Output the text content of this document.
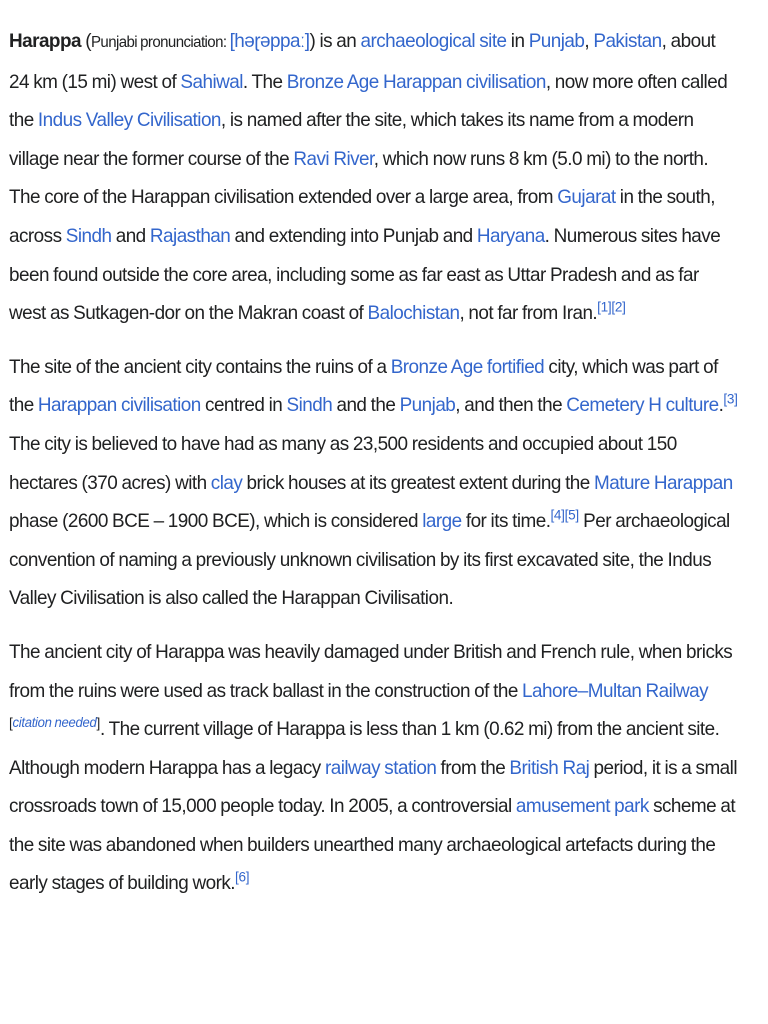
Harappa (Punjabi pronunciation: [həɽəppaː]) is an archaeological site in Punjab, Pakistan, about 24 km (15 mi) west of Sahiwal. The Bronze Age Harappan civilisation, now more often called the Indus Valley Civilisation, is named after the site, which takes its name from a modern village near the former course of the Ravi River, which now runs 8 km (5.0 mi) to the north. The core of the Harappan civilisation extended over a large area, from Gujarat in the south, across Sindh and Rajasthan and extending into Punjab and Haryana. Numerous sites have been found outside the core area, including some as far east as Uttar Pradesh and as far west as Sutkagen-dor on the Makran coast of Balochistan, not far from Iran.[1][2]

The site of the ancient city contains the ruins of a Bronze Age fortified city, which was part of the Harappan civilisation centred in Sindh and the Punjab, and then the Cemetery H culture.[3] The city is believed to have had as many as 23,500 residents and occupied about 150 hectares (370 acres) with clay brick houses at its greatest extent during the Mature Harappan phase (2600 BCE – 1900 BCE), which is considered large for its time.[4][5] Per archaeological convention of naming a previously unknown civilisation by its first excavated site, the Indus Valley Civilisation is also called the Harappan Civilisation.

The ancient city of Harappa was heavily damaged under British and French rule, when bricks from the ruins were used as track ballast in the construction of the Lahore–Multan Railway [citation needed]. The current village of Harappa is less than 1 km (0.62 mi) from the ancient site. Although modern Harappa has a legacy railway station from the British Raj period, it is a small crossroads town of 15,000 people today. In 2005, a controversial amusement park scheme at the site was abandoned when builders unearthed many archaeological artefacts during the early stages of building work.[6]
